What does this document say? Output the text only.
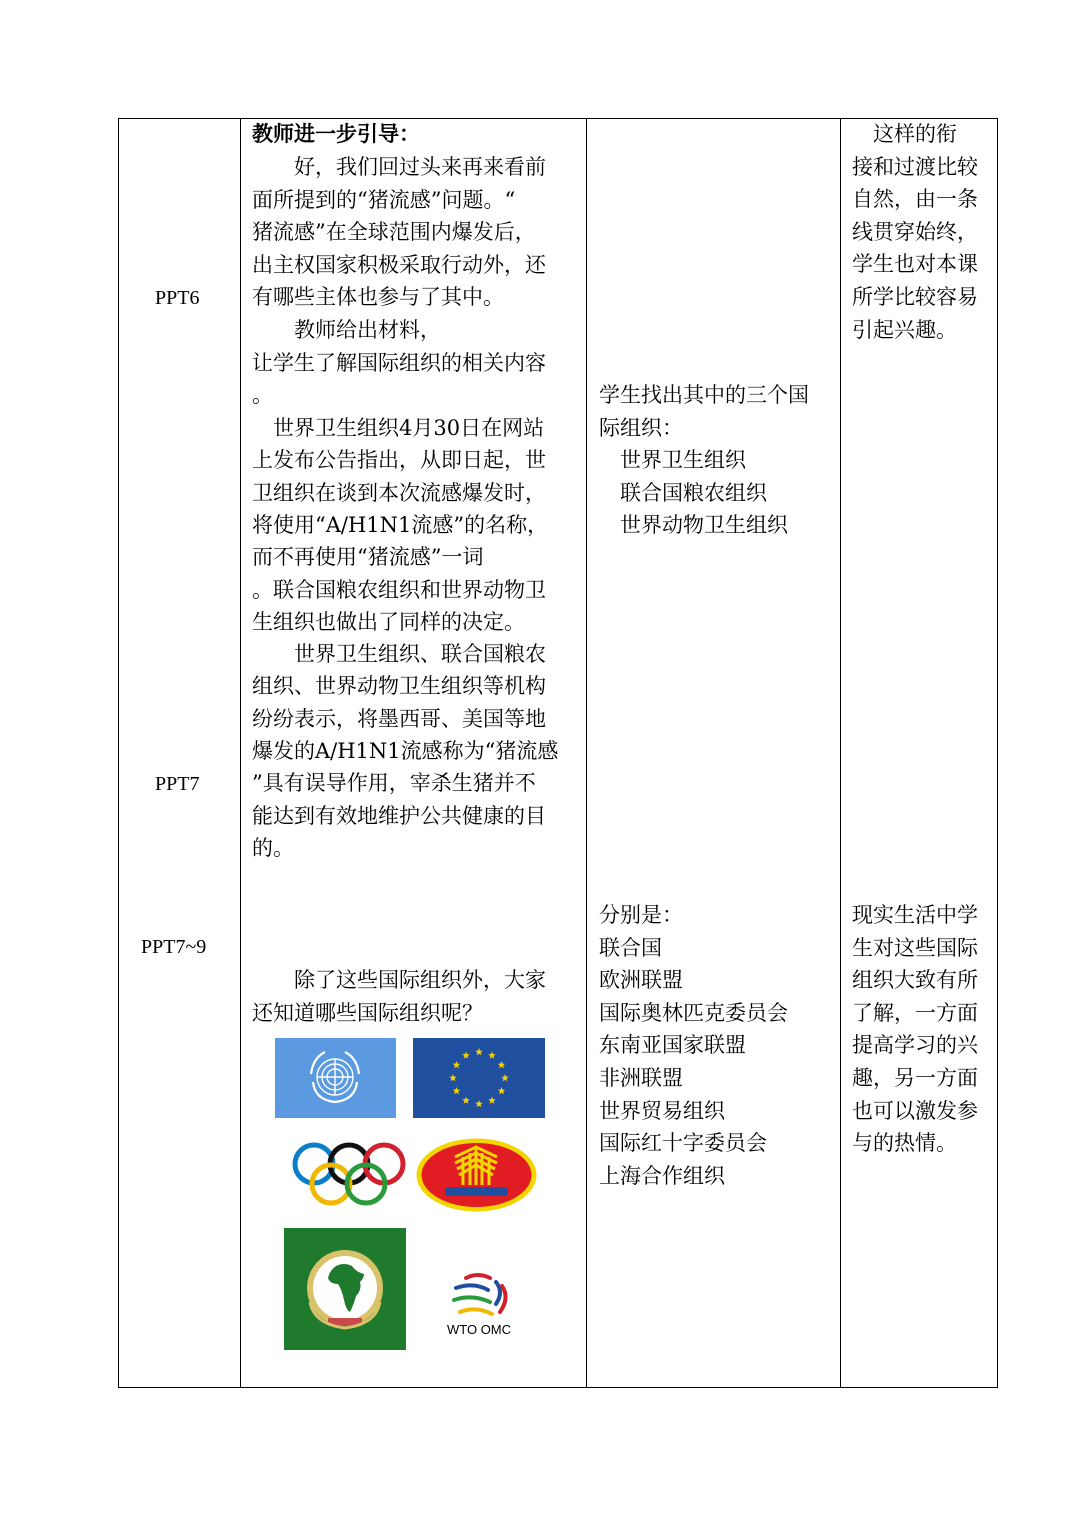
PPT6
PPT7
PPT7~9
教师进一步引导：
　　好，我们回过头来再来看前
面所提到的“猪流感”问题。“
猪流感”在全球范围内爆发后，
出主权国家积极采取行动外，还
有哪些主体也参与了其中。
　　教师给出材料，
让学生了解国际组织的相关内容
。
　世界卫生组织4月30日在网站
上发布公告指出，从即日起，世
卫组织在谈到本次流感爆发时，
将使用“A/H1N1流感”的名称，
而不再使用“猪流感”一词
。联合国粮农组织和世界动物卫
生组织也做出了同样的决定。
　　世界卫生组织、联合国粮农
组织、世界动物卫生组织等机构
纷纷表示，将墨西哥、美国等地
爆发的A/H1N1流感称为“猪流感
”具有误导作用，宰杀生猪并不
能达到有效地维护公共健康的目
的。
　　除了这些国际组织外，大家
还知道哪些国际组织呢？
WTO OMC
学生找出其中的三个国
际组织：
　世界卫生组织
　联合国粮农组织
　世界动物卫生组织
分别是：
联合国
欧洲联盟
国际奥林匹克委员会
东南亚国家联盟
非洲联盟
世界贸易组织
国际红十字委员会
上海合作组织
　这样的衔
接和过渡比较
自然，由一条
线贯穿始终，
学生也对本课
所学比较容易
引起兴趣。
现实生活中学
生对这些国际
组织大致有所
了解，一方面
提高学习的兴
趣，另一方面
也可以激发参
与的热情。
